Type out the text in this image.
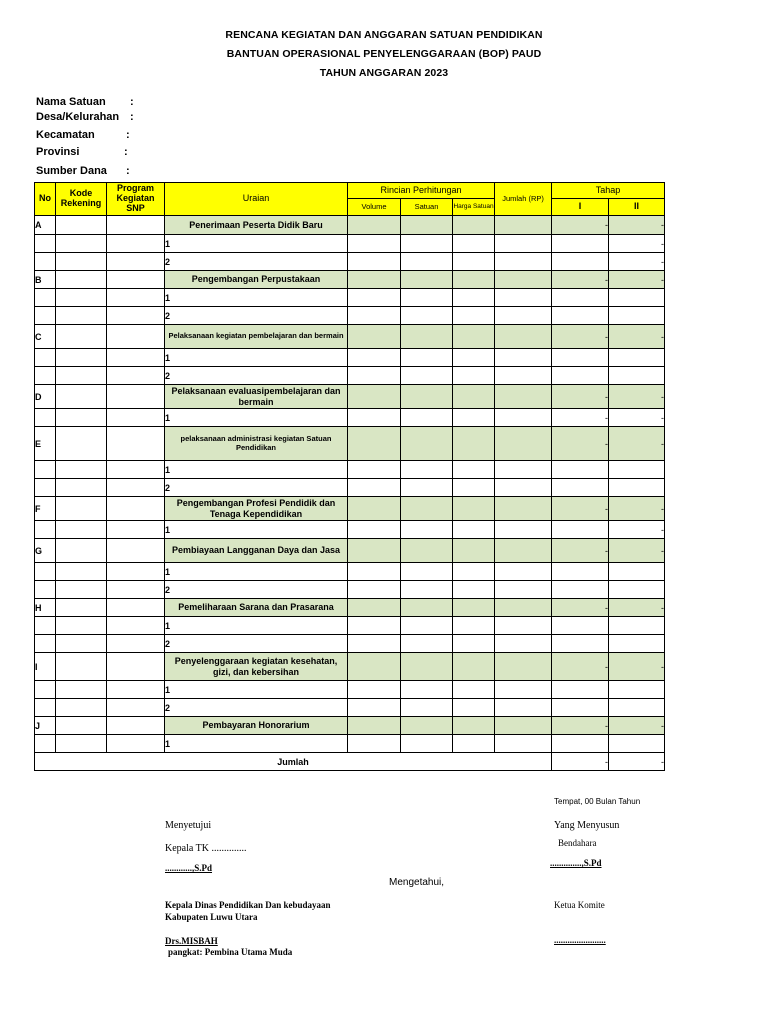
RENCANA KEGIATAN DAN ANGGARAN SATUAN PENDIDIKAN
BANTUAN OPERASIONAL PENYELENGGARAAN (BOP) PAUD
TAHUN ANGGARAN 2023
Nama Satuan :
Desa/Kelurahan :
Kecamatan	:
Provinsi	:
Sumber Dana :
No	Kode Rekening	Program Kegiatan SNP	Uraian	Rincian Perhitungan			Jumlah (RP)	Tahap	
				Volume	Satuan	Harga Satuan		I	II
A			Penerimaan Peserta Didik Baru					-	-
			1						-
			2						-
B			Pengembangan Perpustakaan					-	-
			1						
			2						
C			Pelaksanaan kegiatan pembelajaran dan bermain					-	-
			1						
			2						
D			Pelaksanaan evaluasipembelajaran dan bermain					-	-
			1					-	-
E			pelaksanaan administrasi kegiatan Satuan Pendidikan					-	-
			1						
			2						
F			Pengembangan Profesi Pendidik dan Tenaga Kependidikan					-	-
			1						-
G			Pembiayaan Langganan Daya dan Jasa					-	-
			1						
			2						
H			Pemeliharaan Sarana dan Prasarana					-	-
			1						
			2						
I			Penyelenggaraan kegiatan kesehatan, gizi, dan kebersihan					-	-
			1						
			2						
J			Pembayaran Honorarium					-	-
			1						
Jumlah								-	-
Tempat, 00 Bulan Tahun
Menyetujui	Yang Menyusun
Bendahara
Kepala TK ..............
............,S.Pd	..............,S.Pd
Mengetahui,
Kepala Dinas Pendidikan Dan kebudayaan
Kabupaten Luwu Utara
Ketua Komite
Drs.MISBAH
pangkat: Pembina Utama Muda
.......................
